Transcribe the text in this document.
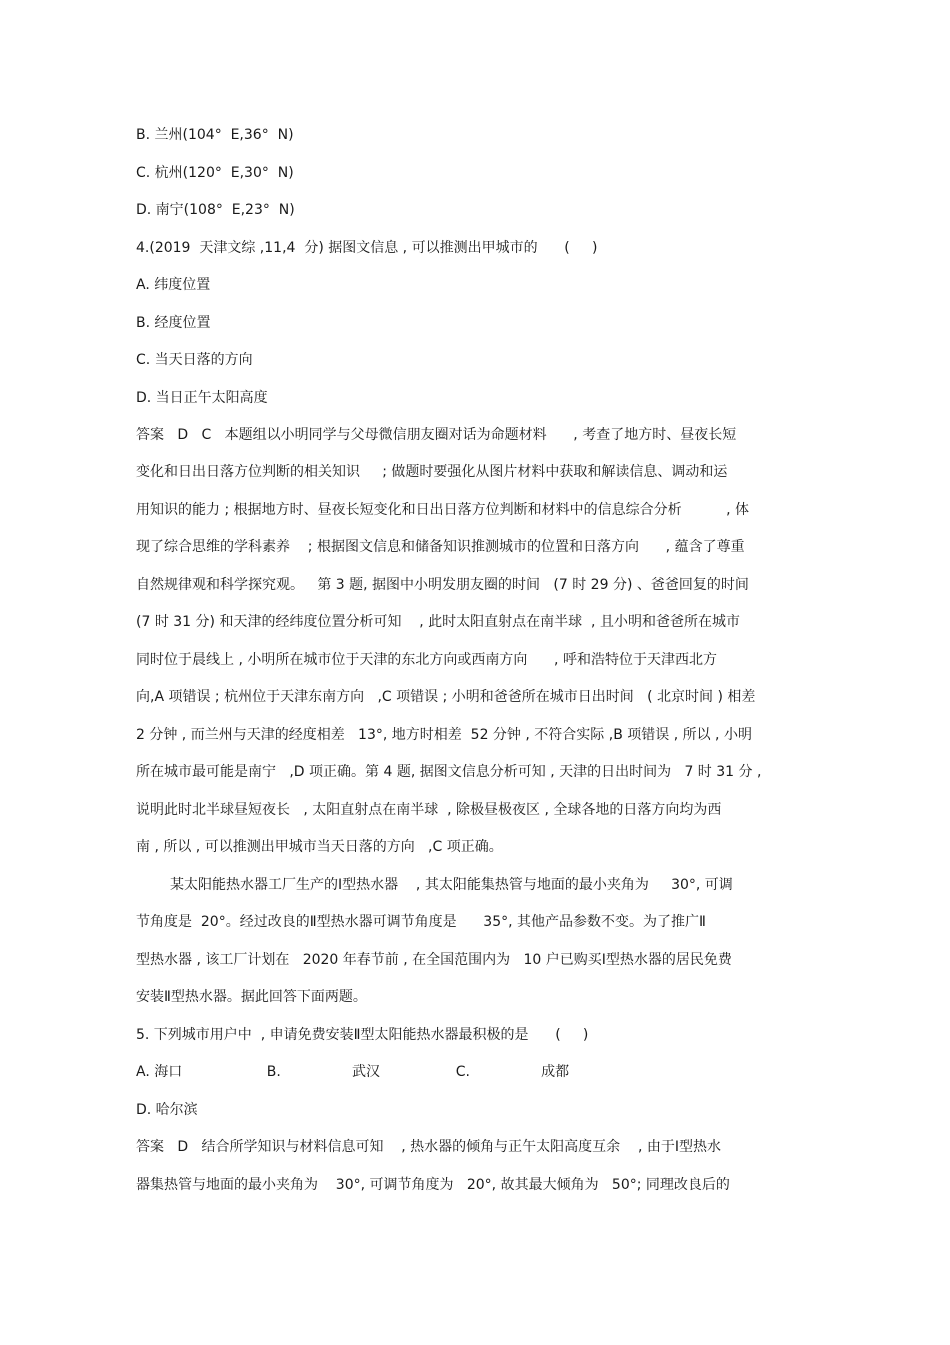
B. 兰州(104°  E,36°  N)
C. 杭州(120°  E,30°  N)
D. 南宁(108°  E,23°  N)
4.(2019  天津文综 ,11,4  分) 据图文信息 , 可以推测出甲城市的      (     )
A. 纬度位置
B. 经度位置
C. 当天日落的方向
D. 当日正午太阳高度
答案   D   C   本题组以小明同学与父母微信朋友圈对话为命题材料      , 考查了地方时、昼夜长短
变化和日出日落方位判断的相关知识     ; 做题时要强化从图片材料中获取和解读信息、调动和运
用知识的能力 ; 根据地方时、昼夜长短变化和日出日落方位判断和材料中的信息综合分析          , 体
现了综合思维的学科素养    ; 根据图文信息和储备知识推测城市的位置和日落方向      , 蕴含了尊重
自然规律观和科学探究观。   第 3 题, 据图中小明发朋友圈的时间   (7 时 29 分) 、爸爸回复的时间
(7 时 31 分) 和天津的经纬度位置分析可知    , 此时太阳直射点在南半球  , 且小明和爸爸所在城市
同时位于晨线上 , 小明所在城市位于天津的东北方向或西南方向      , 呼和浩特位于天津西北方
向,A 项错误 ; 杭州位于天津东南方向   ,C 项错误 ; 小明和爸爸所在城市日出时间   ( 北京时间 ) 相差
2 分钟 , 而兰州与天津的经度相差   13°, 地方时相差  52 分钟 , 不符合实际 ,B 项错误 , 所以 , 小明
所在城市最可能是南宁   ,D 项正确。第 4 题, 据图文信息分析可知 , 天津的日出时间为   7 时 31 分 ,
说明此时北半球昼短夜长   , 太阳直射点在南半球  , 除极昼极夜区 , 全球各地的日落方向均为西
南 , 所以 , 可以推测出甲城市当天日落的方向   ,C 项正确。
某太阳能热水器工厂生产的Ⅰ型热水器    , 其太阳能集热管与地面的最小夹角为     30°, 可调
节角度是  20°。经过改良的Ⅱ型热水器可调节角度是      35°, 其他产品参数不变。为了推广Ⅱ
型热水器 , 该工厂计划在   2020 年春节前 , 在全国范围内为   10 户已购买Ⅰ型热水器的居民免费
安装Ⅱ型热水器。据此回答下面两题。
5. 下列城市用户中  , 申请免费安装Ⅱ型太阳能热水器最积极的是      (     )
A. 海口                   B.                武汉                 C.                成都
D. 哈尔滨
答案   D   结合所学知识与材料信息可知    , 热水器的倾角与正午太阳高度互余    , 由于Ⅰ型热水
器集热管与地面的最小夹角为    30°, 可调节角度为   20°, 故其最大倾角为   50°; 同理改良后的
